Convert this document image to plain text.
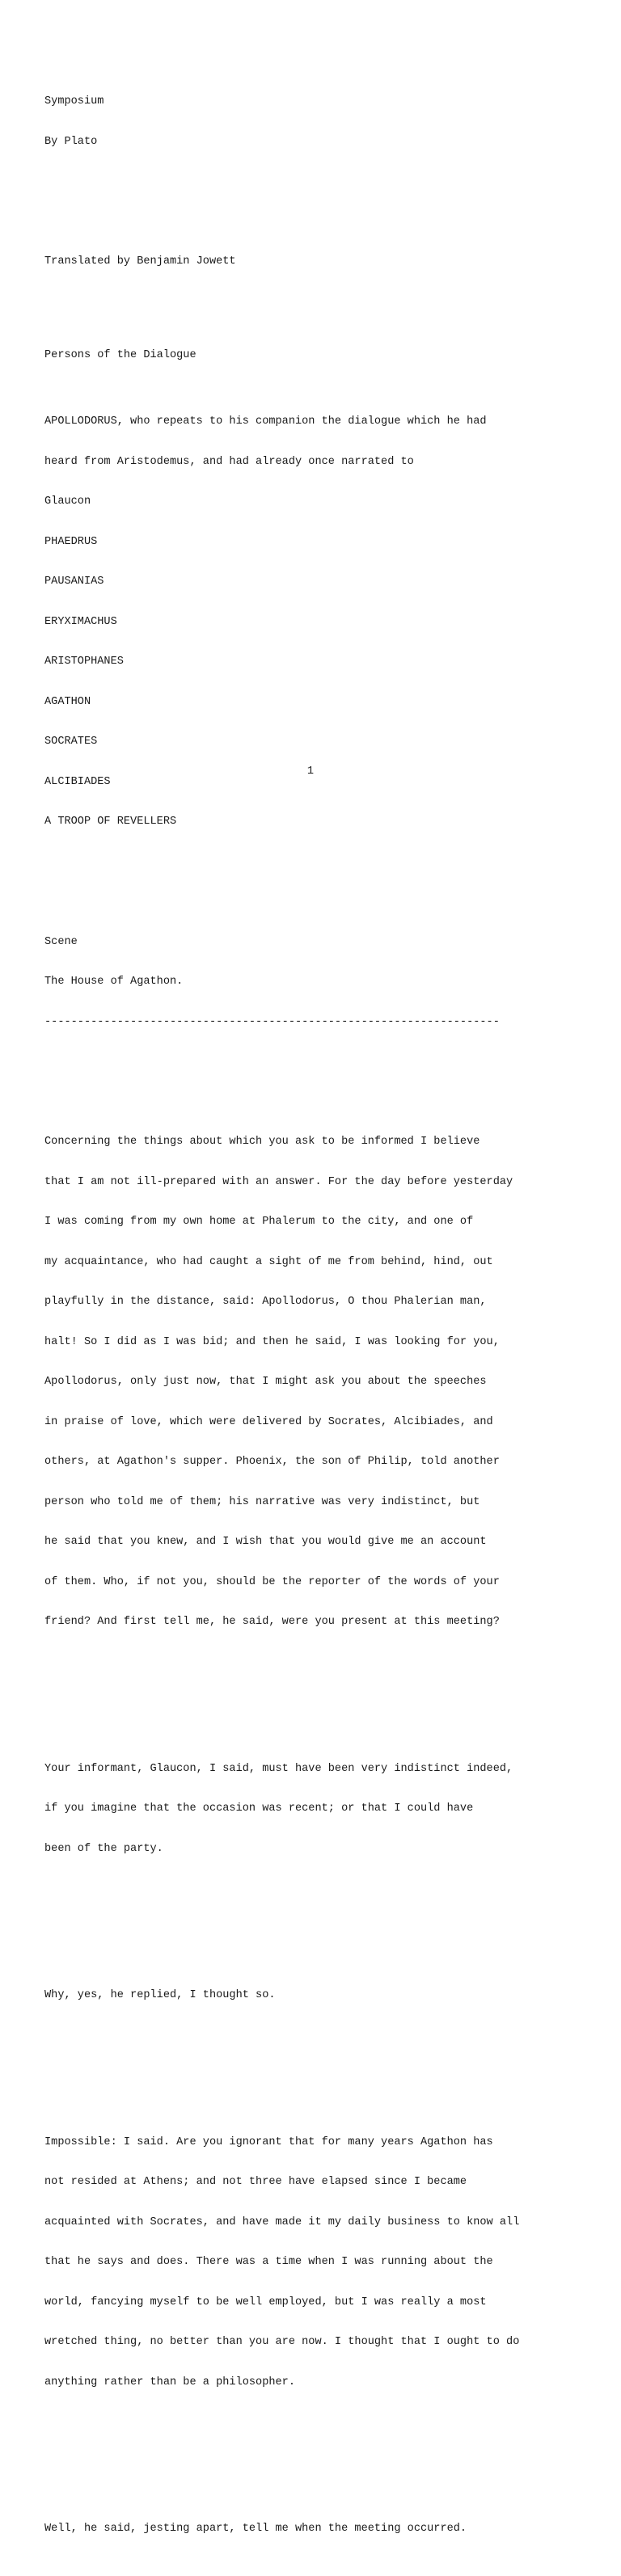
Symposium

By Plato

Translated by Benjamin Jowett

Persons of the Dialogue

APOLLODORUS, who repeats to his companion the dialogue which he had

heard from Aristodemus, and had already once narrated to

Glaucon

PHAEDRUS

PAUSANIAS

ERYXIMACHUS

ARISTOPHANES

AGATHON

SOCRATES

ALCIBIADES

A TROOP OF REVELLERS

Scene

The House of Agathon.

---------------------------------------------------------------------

Concerning the things about which you ask to be informed I believe

that I am not ill-prepared with an answer. For the day before yesterday

I was coming from my own home at Phalerum to the city, and one of

my acquaintance, who had caught a sight of me from behind, hind, out

playfully in the distance, said: Apollodorus, O thou Phalerian man,

halt! So I did as I was bid; and then he said, I was looking for you,

Apollodorus, only just now, that I might ask you about the speeches

in praise of love, which were delivered by Socrates, Alcibiades, and

others, at Agathon's supper. Phoenix, the son of Philip, told another

person who told me of them; his narrative was very indistinct, but

he said that you knew, and I wish that you would give me an account

of them. Who, if not you, should be the reporter of the words of your

friend? And first tell me, he said, were you present at this meeting?

Your informant, Glaucon, I said, must have been very indistinct indeed,

if you imagine that the occasion was recent; or that I could have

been of the party.

Why, yes, he replied, I thought so.

Impossible: I said. Are you ignorant that for many years Agathon has

not resided at Athens; and not three have elapsed since I became

acquainted with Socrates, and have made it my daily business to know all

that he says and does. There was a time when I was running about the

world, fancying myself to be well employed, but I was really a most

wretched thing, no better than you are now. I thought that I ought to do

anything rather than be a philosopher.

Well, he said, jesting apart, tell me when the meeting occurred.

1
